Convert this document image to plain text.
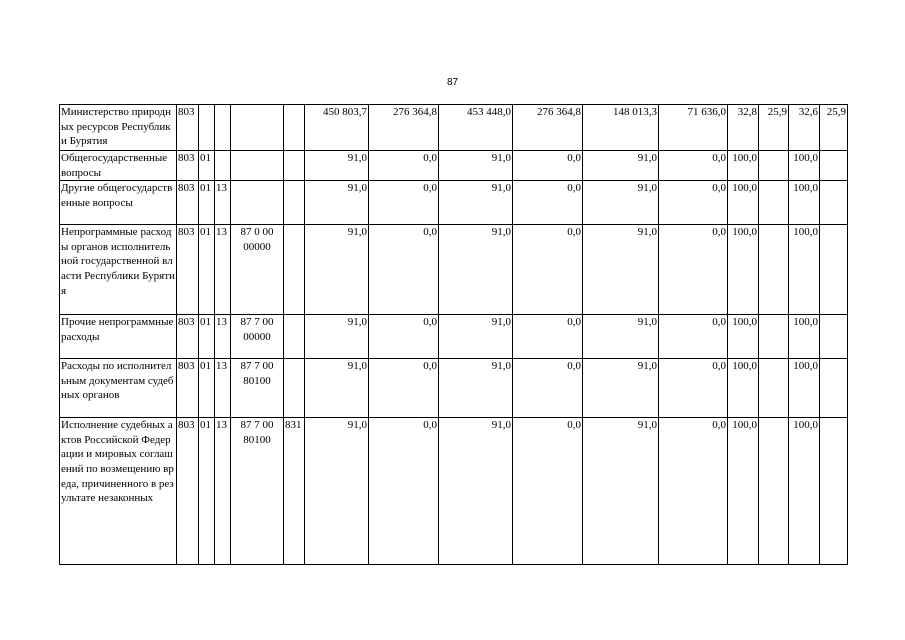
87
Министерство природных ресурсов Республики Бурятия	803					450 803,7	276 364,8	453 448,0	276 364,8	148 013,3	71 636,0	32,8	25,9	32,6	25,9
Общегосударственные вопросы	803	01				91,0	0,0	91,0	0,0	91,0	0,0	100,0		100,0	
Другие общегосударственные вопросы	803	01	13			91,0	0,0	91,0	0,0	91,0	0,0	100,0		100,0	
Непрограммные расходы органов исполнительной государственной власти Республики Бурятия	803	01	13	87 0 00 00000		91,0	0,0	91,0	0,0	91,0	0,0	100,0		100,0	
Прочие непрограммные расходы	803	01	13	87 7 00 00000		91,0	0,0	91,0	0,0	91,0	0,0	100,0		100,0	
Расходы по исполнительным документам судебных органов	803	01	13	87 7 00 80100		91,0	0,0	91,0	0,0	91,0	0,0	100,0		100,0	
Исполнение судебных актов Российской Федерации и мировых соглашений по возмещению вреда, причиненного в результате незаконных	803	01	13	87 7 00 80100	831	91,0	0,0	91,0	0,0	91,0	0,0	100,0		100,0	
